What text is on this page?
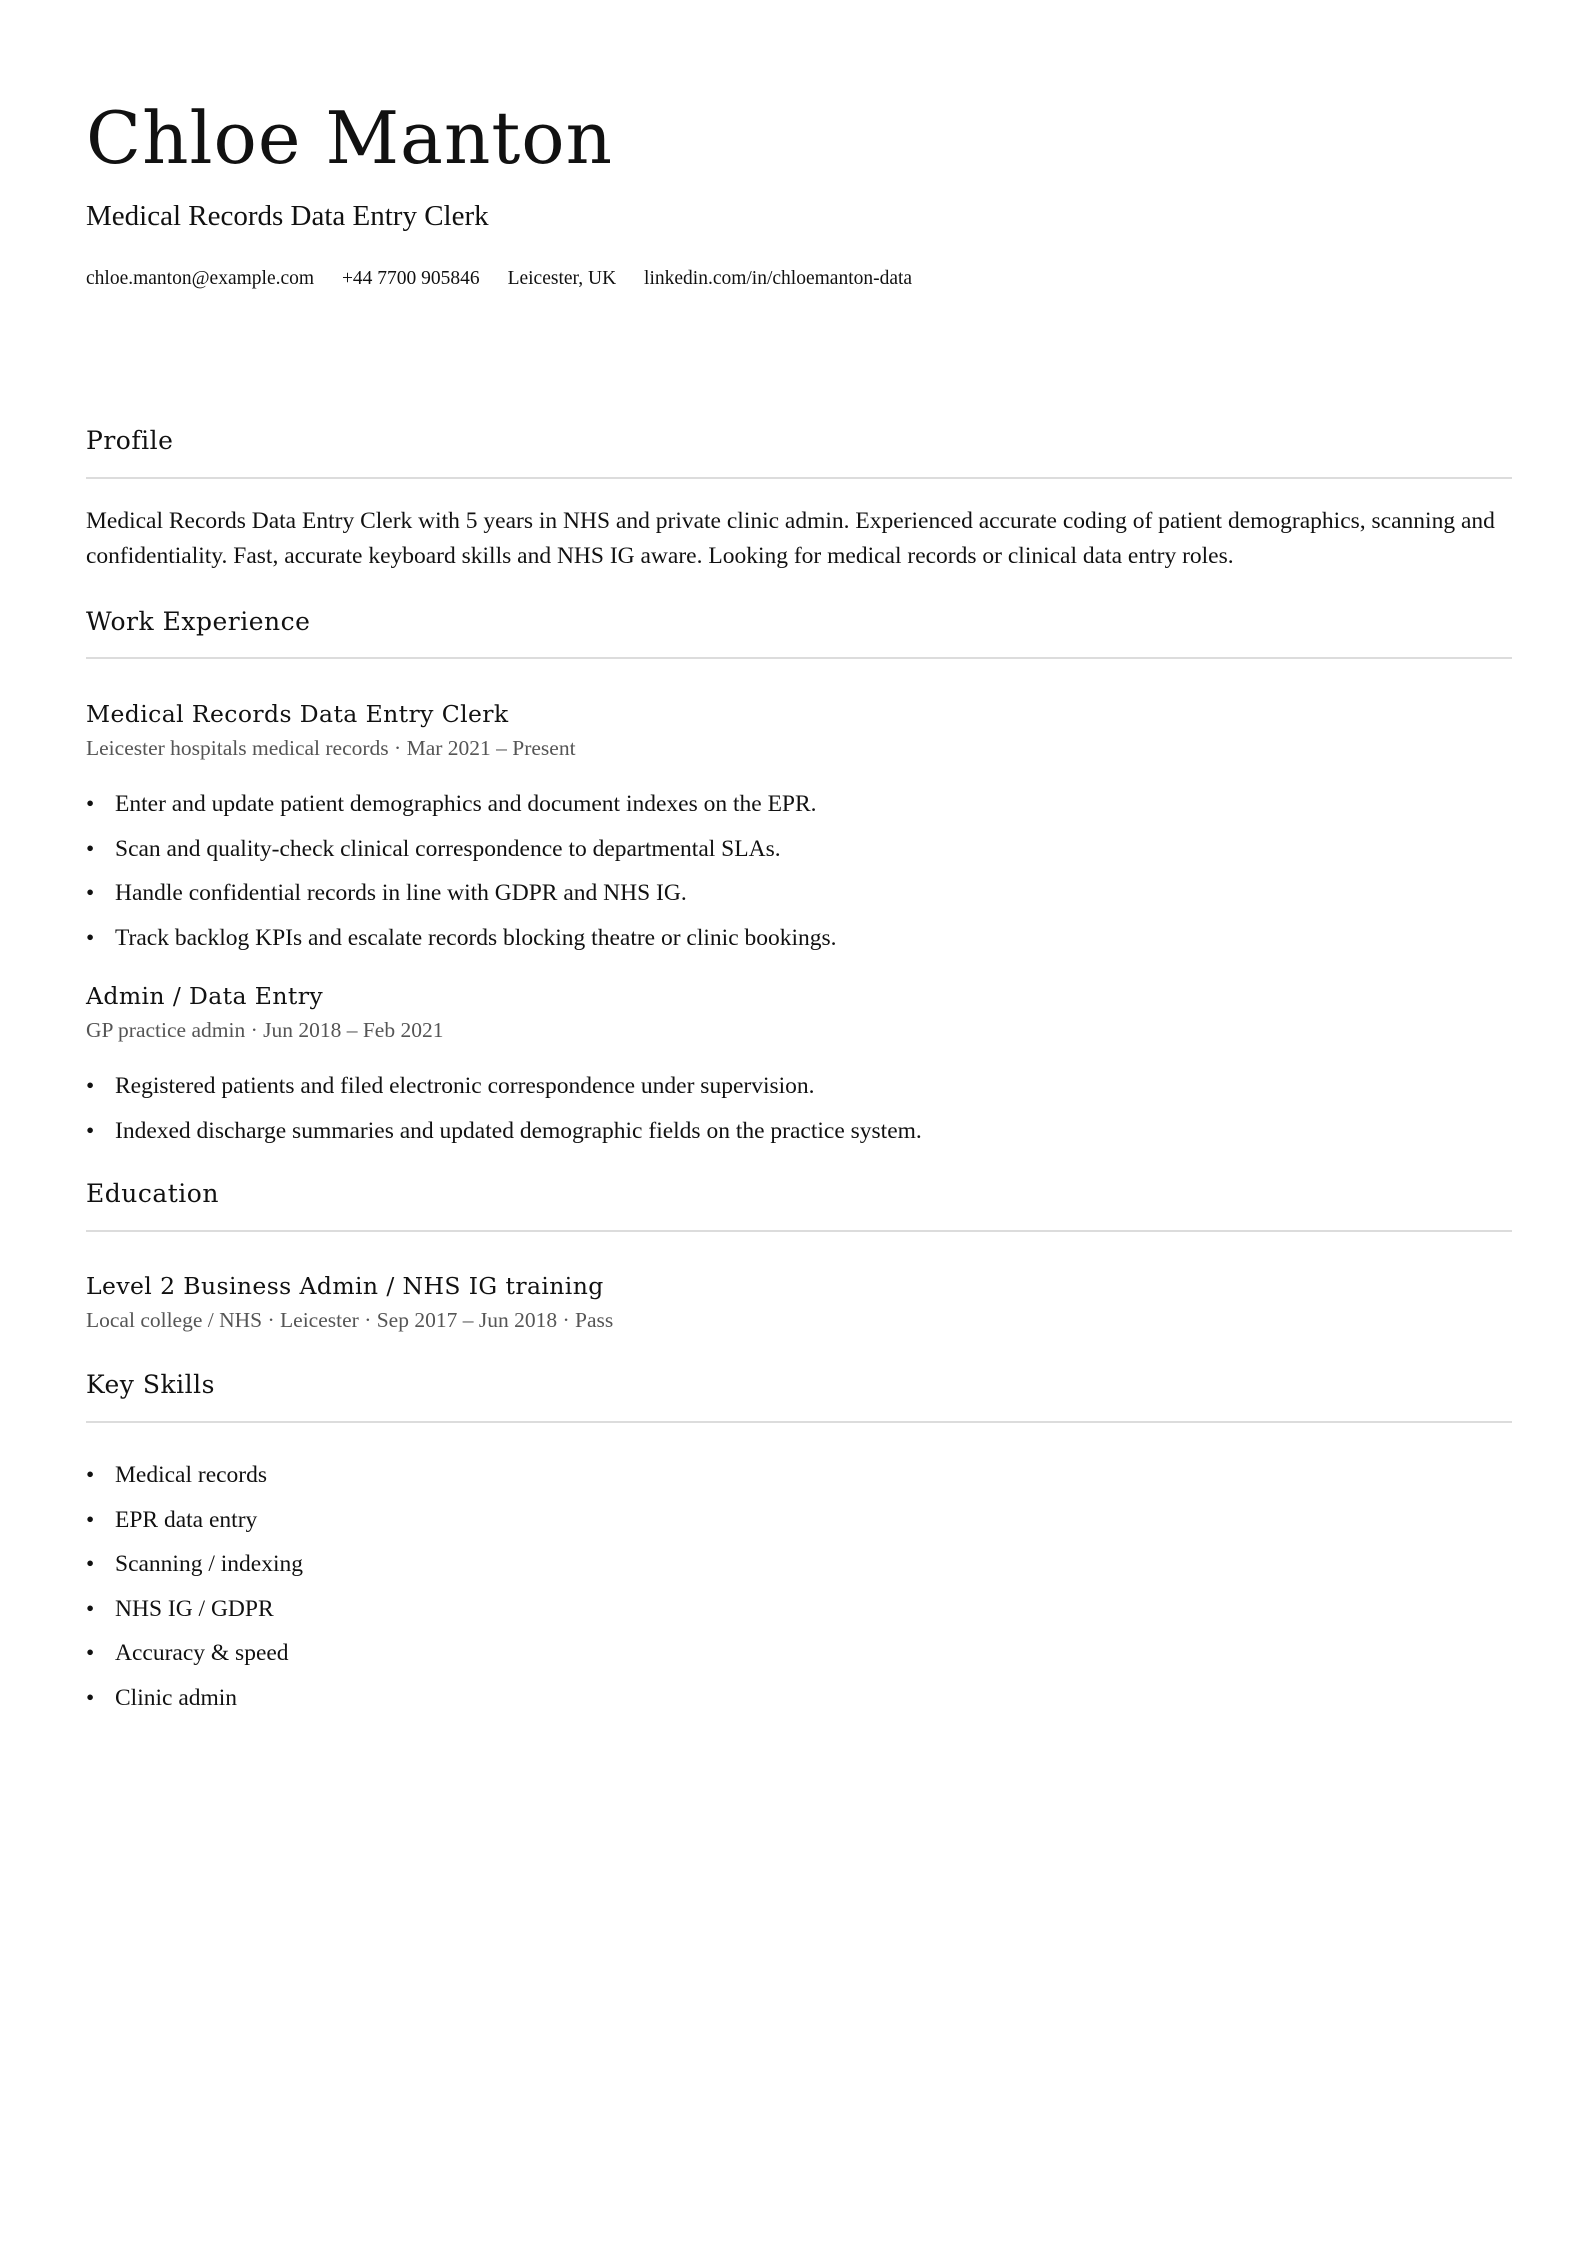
Chloe Manton
Medical Records Data Entry Clerk
chloe.manton@example.com +44 7700 905846 Leicester, UK linkedin.com/in/chloemanton-data
Profile

Medical Records Data Entry Clerk with 5 years in NHS and private clinic admin. Experienced accurate coding of patient demographics, scanning and confidentiality. Fast, accurate keyboard skills and NHS IG aware. Looking for medical records or clinical data entry roles.

Work Experience
Medical Records Data Entry Clerk
Leicester hospitals medical records · Mar 2021 – Present
• Enter and update patient demographics and document indexes on the EPR.
• Scan and quality-check clinical correspondence to departmental SLAs.
• Handle confidential records in line with GDPR and NHS IG.
• Track backlog KPIs and escalate records blocking theatre or clinic bookings.
Admin / Data Entry
GP practice admin · Jun 2018 – Feb 2021
• Registered patients and filed electronic correspondence under supervision.
• Indexed discharge summaries and updated demographic fields on the practice system.
Education
Level 2 Business Admin / NHS IG training
Local college / NHS · Leicester · Sep 2017 – Jun 2018 · Pass
Key Skills
• Medical records
• EPR data entry
• Scanning / indexing
• NHS IG / GDPR
• Accuracy & speed
• Clinic admin
